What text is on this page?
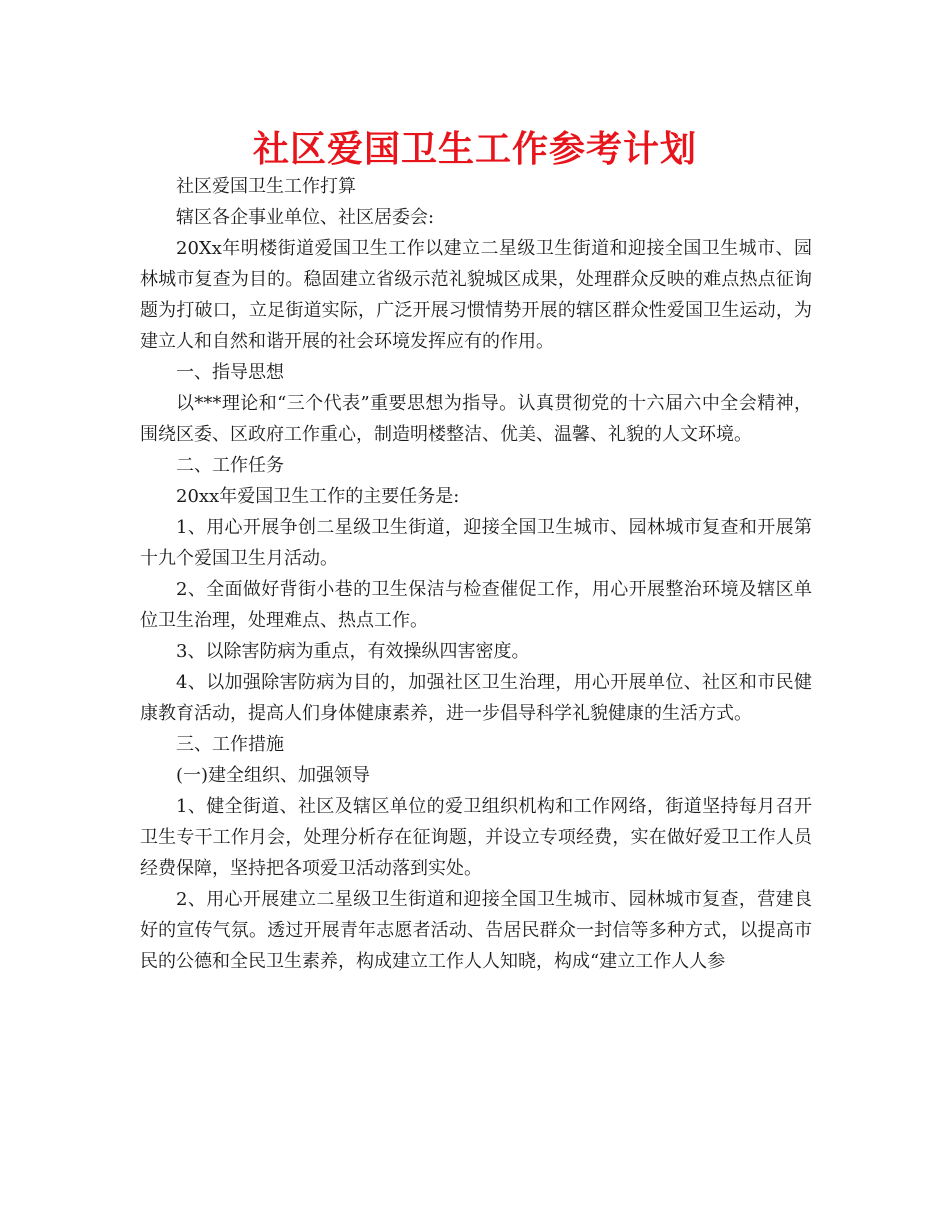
社区爱国卫生工作参考计划

社区爱国卫生工作打算

辖区各企事业单位、社区居委会:

20Xx年明楼街道爱国卫生工作以建立二星级卫生街道和迎接全国卫生城市、园林城市复查为目的。稳固建立省级示范礼貌城区成果，处理群众反映的难点热点征询题为打破口，立足街道实际，广泛开展习惯情势开展的辖区群众性爱国卫生运动，为建立人和自然和谐开展的社会环境发挥应有的作用。

一、指导思想

以***理论和“三个代表”重要思想为指导。认真贯彻党的十六届六中全会精神，围绕区委、区政府工作重心，制造明楼整洁、优美、温馨、礼貌的人文环境。

二、工作任务

20xx年爱国卫生工作的主要任务是:

1、用心开展争创二星级卫生街道，迎接全国卫生城市、园林城市复查和开展第十九个爱国卫生月活动。

2、全面做好背街小巷的卫生保洁与检查催促工作，用心开展整治环境及辖区单位卫生治理，处理难点、热点工作。

3、以除害防病为重点，有效操纵四害密度。

4、以加强除害防病为目的，加强社区卫生治理，用心开展单位、社区和市民健康教育活动，提高人们身体健康素养，进一步倡导科学礼貌健康的生活方式。

三、工作措施

(一)建全组织、加强领导

1、健全街道、社区及辖区单位的爱卫组织机构和工作网络，街道坚持每月召开卫生专干工作月会，处理分析存在征询题，并设立专项经费，实在做好爱卫工作人员经费保障，坚持把各项爱卫活动落到实处。

2、用心开展建立二星级卫生街道和迎接全国卫生城市、园林城市复查，营建良好的宣传气氛。透过开展青年志愿者活动、告居民群众一封信等多种方式，以提高市民的公德和全民卫生素养，构成建立工作人人知晓，构成“建立工作人人参
